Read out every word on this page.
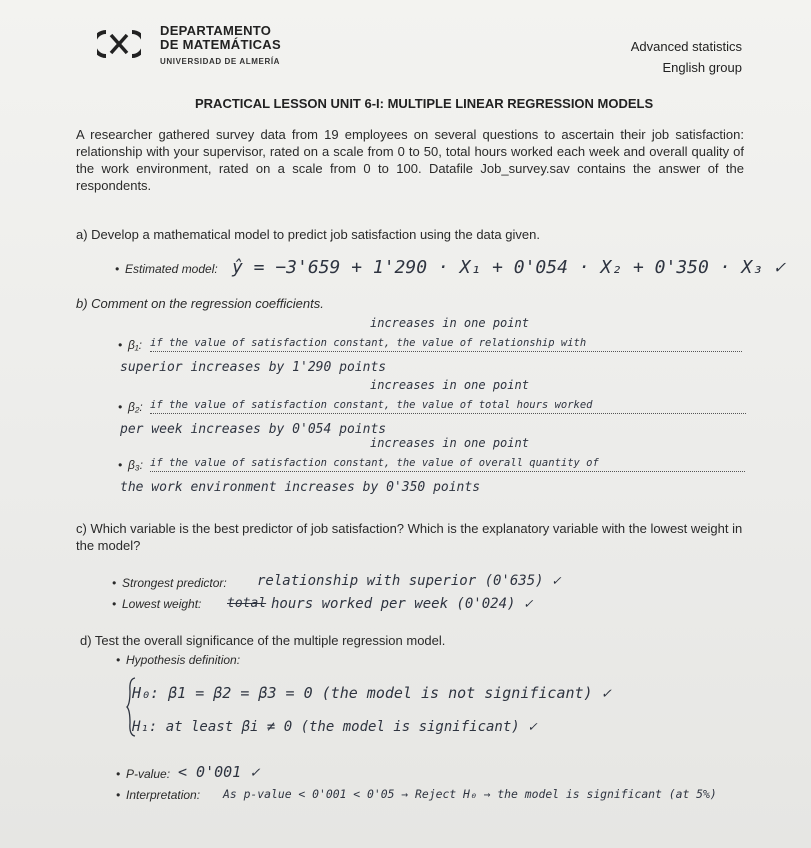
DEPARTAMENTO
DE MATEMÁTICAS
UNIVERSIDAD DE ALMERÍA
Advanced statistics
English group
PRACTICAL LESSON UNIT 6-I: MULTIPLE LINEAR REGRESSION MODELS
A researcher gathered survey data from 19 employees on several questions to ascertain their job satisfaction: relationship with your supervisor, rated on a scale from 0 to 50, total hours worked each week and overall quality of the work environment, rated on a scale from 0 to 100. Datafile Job_survey.sav contains the answer of the respondents.
a) Develop a mathematical model to predict job satisfaction using the data given.
• Estimated model: ŷ = −3'659 + 1'290 · X₁ + 0'054 · X₂ + 0'350 · X₃ ✓
b) Comment on the regression coefficients.
increases in one point
• β₁: if the value of satisfaction constant, the value of relationship with
superior increases by 1'290 points
increases in one point
• β₂: if the value of satisfaction constant, the value of total hours worked
per week increases by 0'054 points
increases in one point
• β₃: if the value of satisfaction constant, the value of overall quantity of
the work environment increases by 0'350 points
c) Which variable is the best predictor of job satisfaction? Which is the explanatory variable with the lowest weight in the model?
• Strongest predictor: relationship with superior (0'635) ✓
• Lowest weight: total hours worked per week (0'024) ✓
d) Test the overall significance of the multiple regression model.
• Hypothesis definition:
H₀: β1 = β2 = β3 = 0 (the model is not significant) ✓
H₁: at least βi ≠ 0 (the model is significant) ✓
• P-value: < 0'001 ✓
• Interpretation: As p-value < 0'001 < 0'05 → Reject H₀ → the model is significant (at 5%)
